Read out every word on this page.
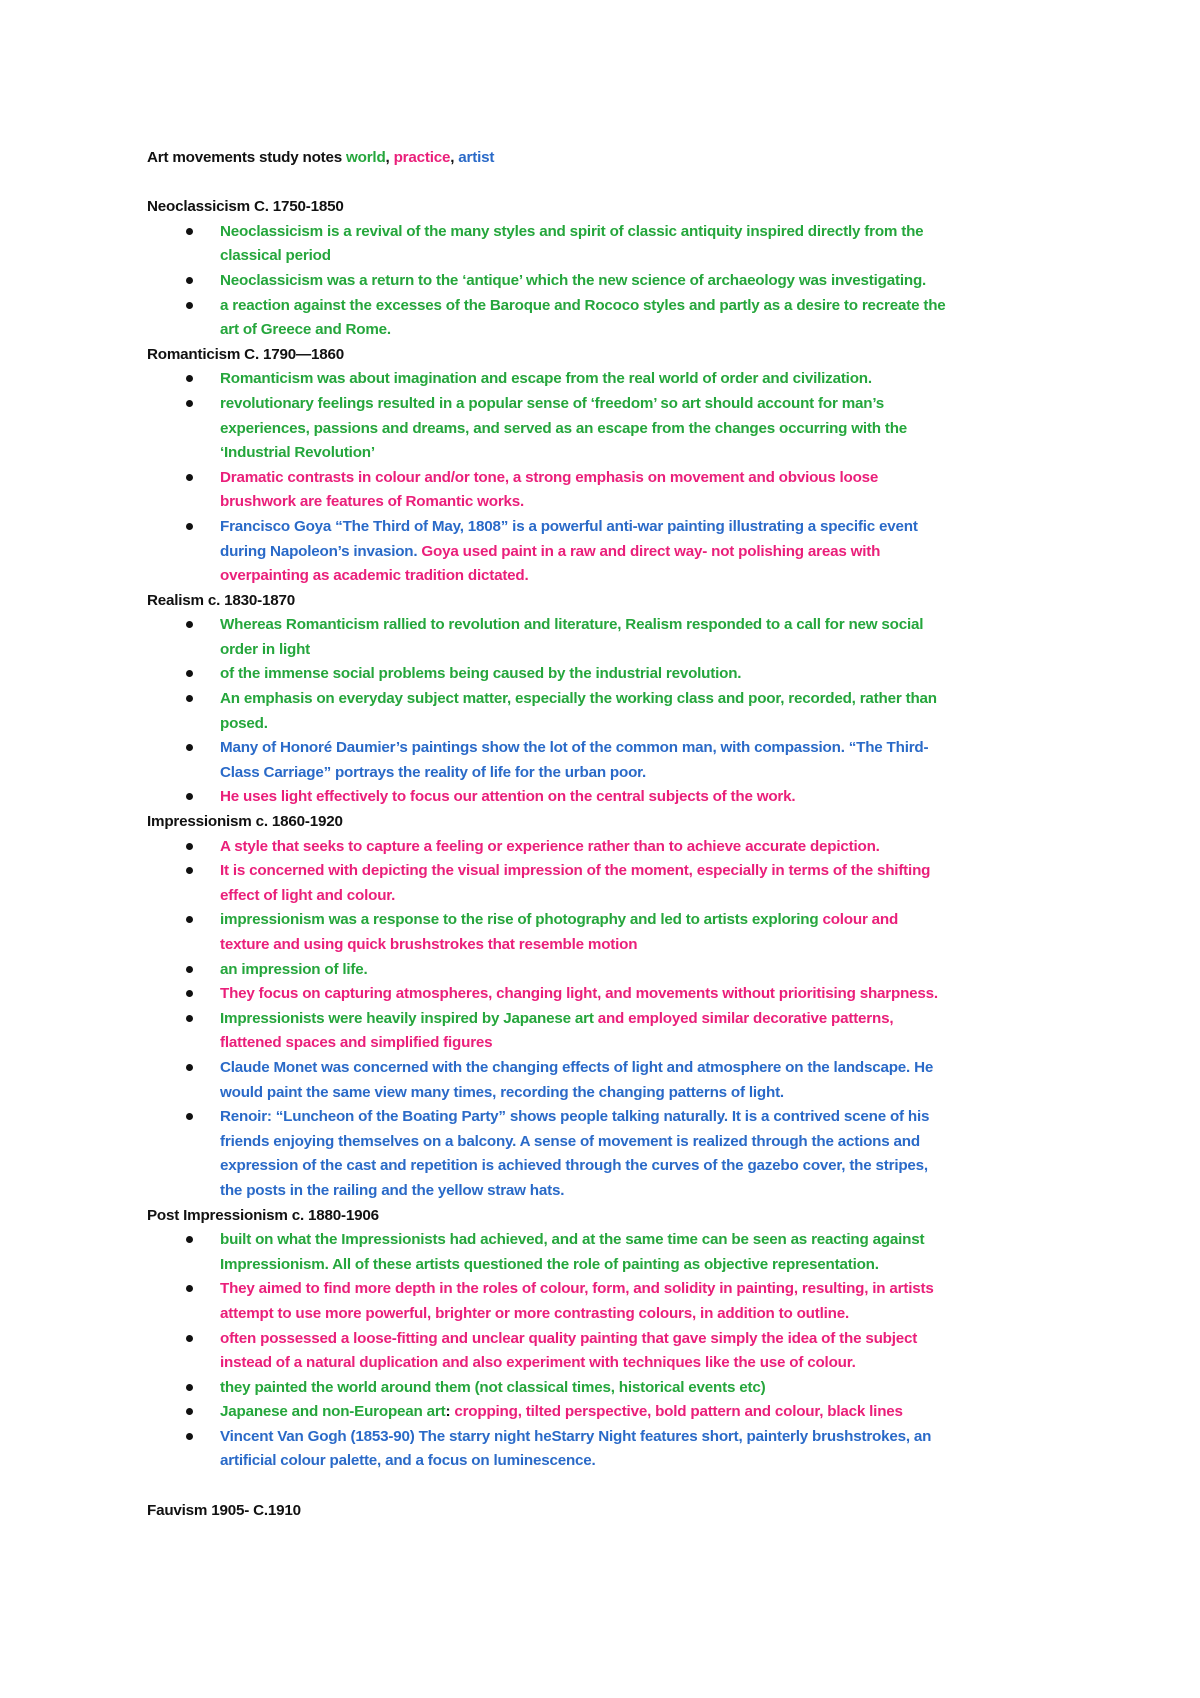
Art movements study notes world, practice, artist

Neoclassicism C. 1750-1850

Neoclassicism is a revival of the many styles and spirit of classic antiquity inspired directly from the
classical period
Neoclassicism was a return to the ‘antique’ which the new science of archaeology was investigating.
a reaction against the excesses of the Baroque and Rococo styles and partly as a desire to recreate the
art of Greece and Rome.

Romanticism C. 1790—1860

Romanticism was about imagination and escape from the real world of order and civilization.
revolutionary feelings resulted in a popular sense of ‘freedom’ so art should account for man’s
experiences, passions and dreams, and served as an escape from the changes occurring with the
‘Industrial Revolution’
Dramatic contrasts in colour and/or tone, a strong emphasis on movement and obvious loose
brushwork are features of Romantic works.
Francisco Goya “The Third of May, 1808” is a powerful anti-war painting illustrating a specific event
during Napoleon’s invasion. Goya used paint in a raw and direct way- not polishing areas with
overpainting as academic tradition dictated.

Realism c. 1830-1870

Whereas Romanticism rallied to revolution and literature, Realism responded to a call for new social
order in light
of the immense social problems being caused by the industrial revolution.
An emphasis on everyday subject matter, especially the working class and poor, recorded, rather than
posed.
Many of Honoré Daumier’s paintings show the lot of the common man, with compassion. “The Third-
Class Carriage” portrays the reality of life for the urban poor.
He uses light effectively to focus our attention on the central subjects of the work.

Impressionism c. 1860-1920

A style that seeks to capture a feeling or experience rather than to achieve accurate depiction.
It is concerned with depicting the visual impression of the moment, especially in terms of the shifting
effect of light and colour.
impressionism was a response to the rise of photography and led to artists exploring colour and
texture and using quick brushstrokes that resemble motion
an impression of life.
They focus on capturing atmospheres, changing light, and movements without prioritising sharpness.
Impressionists were heavily inspired by Japanese art and employed similar decorative patterns,
flattened spaces and simplified figures
Claude Monet was concerned with the changing effects of light and atmosphere on the landscape. He
would paint the same view many times, recording the changing patterns of light.
Renoir: “Luncheon of the Boating Party” shows people talking naturally. It is a contrived scene of his
friends enjoying themselves on a balcony. A sense of movement is realized through the actions and
expression of the cast and repetition is achieved through the curves of the gazebo cover, the stripes,
the posts in the railing and the yellow straw hats.

Post Impressionism c. 1880-1906

built on what the Impressionists had achieved, and at the same time can be seen as reacting against
Impressionism. All of these artists questioned the role of painting as objective representation.
They aimed to find more depth in the roles of colour, form, and solidity in painting, resulting, in artists
attempt to use more powerful, brighter or more contrasting colours, in addition to outline.
often possessed a loose-fitting and unclear quality painting that gave simply the idea of the subject
instead of a natural duplication and also experiment with techniques like the use of colour.
they painted the world around them (not classical times, historical events etc)
Japanese and non-European art: cropping, tilted perspective, bold pattern and colour, black lines
Vincent Van Gogh (1853-90) The starry night heStarry Night features short, painterly brushstrokes, an
artificial colour palette, and a focus on luminescence.

Fauvism 1905- C.1910
